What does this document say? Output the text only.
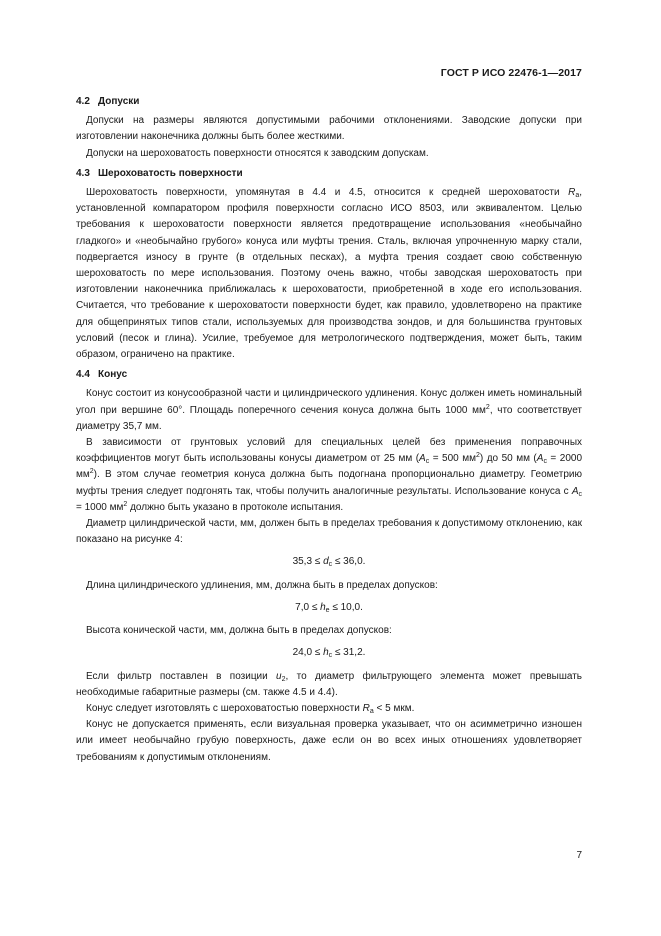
ГОСТ Р ИСО 22476-1—2017
4.2 Допуски

Допуски на размеры являются допустимыми рабочими отклонениями. Заводские допуски при изготовлении наконечника должны быть более жесткими.

Допуски на шероховатость поверхности относятся к заводским допускам.

4.3 Шероховатость поверхности

Шероховатость поверхности, упомянутая в 4.4 и 4.5, относится к средней шероховатости $R_a$, установленной компаратором профиля поверхности согласно ИСО 8503, или эквивалентом. Целью требования к шероховатости поверхности является предотвращение использования «необычайно гладкого» и «необычайно грубого» конуса или муфты трения. Сталь, включая упрочненную марку стали, подвергается износу в грунте (в отдельных песках), а муфта трения создает свою собственную шероховатость по мере использования. Поэтому очень важно, чтобы заводская шероховатость при изготовлении наконечника приближалась к шероховатости, приобретенной в ходе его использования. Считается, что требование к шероховатости поверхности будет, как правило, удовлетворено на практике для общепринятых типов стали, используемых для производства зондов, и для большинства грунтовых условий (песок и глина). Усилие, требуемое для метрологического подтверждения, может быть, таким образом, ограничено на практике.

4.4 Конус

Конус состоит из конусообразной части и цилиндрического удлинения. Конус должен иметь номинальный угол при вершине 60°. Площадь поперечного сечения конуса должна быть 1000 $мм^2$, что соответствует диаметру 35,7 мм.

В зависимости от грунтовых условий для специальных целей без применения поправочных коэффициентов могут быть использованы конусы диаметром от 25 мм ($A_c = 500$ $мм^2$) до 50 мм ($A_c = 2000$ $мм^2$). В этом случае геометрия конуса должна быть подогнана пропорционально диаметру. Геометрию муфты трения следует подгонять так, чтобы получить аналогичные результаты. Использование конуса с $A_c = 1000$ $мм^2$ должно быть указано в протоколе испытания.

Диаметр цилиндрической части, мм, должен быть в пределах требования к допустимому отклонению, как показано на рисунке 4:

$35,3 \le d_c \le 36,0$.

Длина цилиндрического удлинения, мм, должна быть в пределах допусков:

$7,0 \le h_e \le 10,0$.

Высота конической части, мм, должна быть в пределах допусков:

$24,0 \le h_c \le 31,2$.

Если фильтр поставлен в позиции $u_2$, то диаметр фильтрующего элемента может превышать необходимые габаритные размеры (см. также 4.5 и 4.4).

Конус следует изготовлять с шероховатостью поверхности $R_a < 5$ мкм.

Конус не допускается применять, если визуальная проверка указывает, что он асимметрично изношен или имеет необычайно грубую поверхность, даже если он во всех иных отношениях удовлетворяет требованиям к допустимым отклонениям.

7
